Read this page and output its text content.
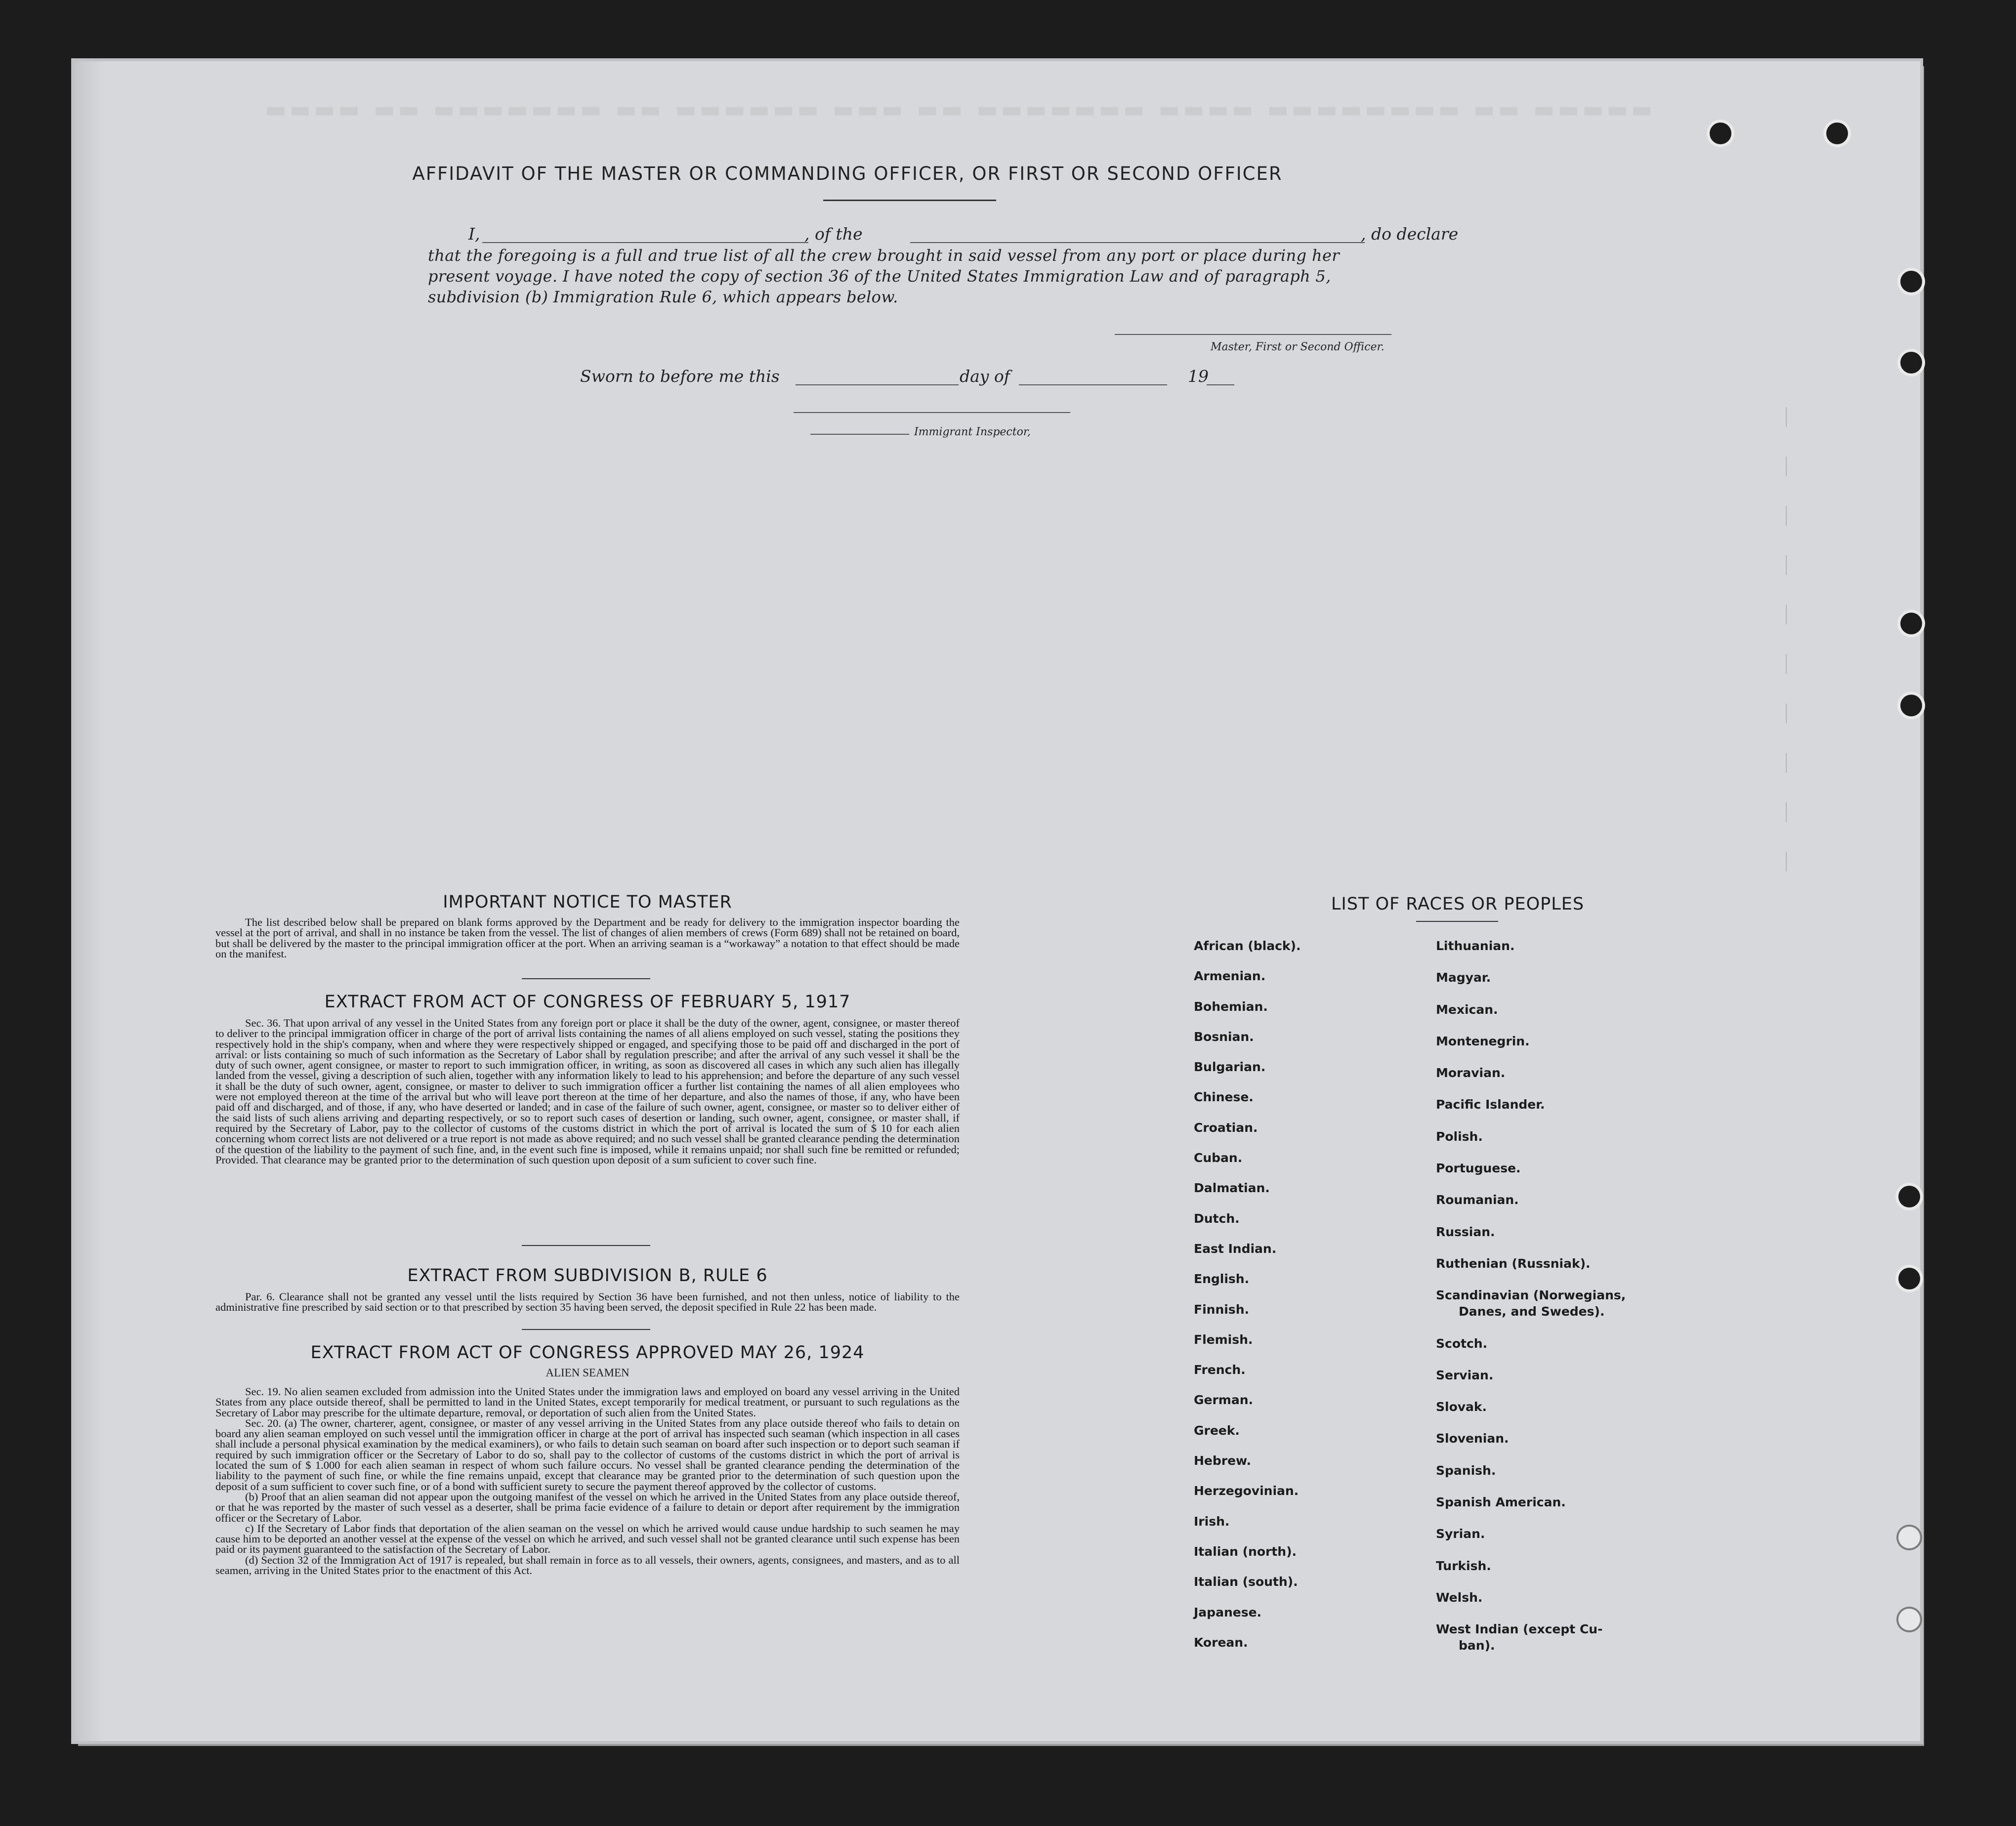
▬▬▬▬▬ ▬▬ ▬▬▬▬▬▬▬▬ ▬▬▬▬ ▬▬▬▬▬▬▬ ▬▬ ▬▬▬ ▬▬▬▬▬▬ ▬▬ ▬▬▬▬▬▬▬ ▬▬ ▬▬▬▬
AFFIDAVIT OF THE MASTER OR COMMANDING OFFICER, OR FIRST OR SECOND OFFICER
I,	, of the	, do declare
that the foregoing is a full and true list of all the crew brought in said vessel from any port or place during her
present voyage. I have noted the copy of section 36 of the United States Immigration Law and of paragraph 5,
subdivision (b) Immigration Rule 6, which appears below.
Master, First or Second Officer.
Sworn to before me this	day of	19
Immigrant Inspector,
IMPORTANT NOTICE TO MASTER

The list described below shall be prepared on blank forms approved by the Department and be ready for delivery to the immigration inspector boarding the vessel at the port of arrival, and shall in no instance be taken from the vessel. The list of changes of alien members of crews (Form 689) shall not be retained on board, but shall be delivered by the master to the principal immigration officer at the port. When an arriving seaman is a “workaway” a notation to that effect should be made on the manifest.

EXTRACT FROM ACT OF CONGRESS OF FEBRUARY 5, 1917

Sec. 36. That upon arrival of any vessel in the United States from any foreign port or place it shall be the duty of the owner, agent, consignee, or master thereof to deliver to the principal immigration officer in charge of the port of arrival lists containing the names of all aliens employed on such vessel, stating the positions they respectively hold in the ship's company, when and where they were respectively shipped or engaged, and specifying those to be paid off and discharged in the port of arrival: or lists containing so much of such information as the Secretary of Labor shall by regulation prescribe; and after the arrival of any such vessel it shall be the duty of such owner, agent consignee, or master to report to such immigration officer, in writing, as soon as discovered all cases in which any such alien has illegally landed from the vessel, giving a description of such alien, together with any information likely to lead to his apprehension; and before the departure of any such vessel it shall be the duty of such owner, agent, consignee, or master to deliver to such immigration officer a further list containing the names of all alien employees who were not employed thereon at the time of the arrival but who will leave port thereon at the time of her departure, and also the names of those, if any, who have been paid off and discharged, and of those, if any, who have deserted or landed; and in case of the failure of such owner, agent, consignee, or master so to deliver either of the said lists of such aliens arriving and departing respectively, or so to report such cases of desertion or landing, such owner, agent, consignee, or master shall, if required by the Secretary of Labor, pay to the collector of customs of the customs district in which the port of arrival is located the sum of $ 10 for each alien concerning whom correct lists are not delivered or a true report is not made as above required; and no such vessel shall be granted clearance pending the determination of the question of the liability to the payment of such fine, and, in the event such fine is imposed, while it remains unpaid; nor shall such fine be remitted or refunded; Provided. That clearance may be granted prior to the determination of such question upon deposit of a sum suficient to cover such fine.

EXTRACT FROM SUBDIVISION B, RULE 6

Par. 6. Clearance shall not be granted any vessel until the lists required by Section 36 have been furnished, and not then unless, notice of liability to the administrative fine prescribed by said section or to that prescribed by section 35 having been served, the deposit specified in Rule 22 has been made.

EXTRACT FROM ACT OF CONGRESS APPROVED MAY 26, 1924
ALIEN SEAMEN

Sec. 19. No alien seamen excluded from admission into the United States under the immigration laws and employed on board any vessel arriving in the United States from any place outside thereof, shall be permitted to land in the United States, except temporarily for medical treatment, or pursuant to such regulations as the Secretary of Labor may prescribe for the ultimate departure, removal, or deportation of such alien from the United States.

Sec. 20. (a) The owner, charterer, agent, consignee, or master of any vessel arriving in the United States from any place outside thereof who fails to detain on board any alien seaman employed on such vessel until the immigration officer in charge at the port of arrival has inspected such seaman (which inspection in all cases shall include a personal physical examination by the medical examiners), or who fails to detain such seaman on board after such inspection or to deport such seaman if required by such immigration officer or the Secretary of Labor to do so, shall pay to the collector of customs of the customs district in which the port of arrival is located the sum of $ 1.000 for each alien seaman in respect of whom such failure occurs. No vessel shall be granted clearance pending the determination of the liability to the payment of such fine, or while the fine remains unpaid, except that clearance may be granted prior to the determination of such question upon the deposit of a sum sufficient to cover such fine, or of a bond with sufficient surety to secure the payment thereof approved by the collector of customs.

(b) Proof that an alien seaman did not appear upon the outgoing manifest of the vessel on which he arrived in the United States from any place outside thereof, or that he was reported by the master of such vessel as a deserter, shall be prima facie evidence of a failure to detain or deport after requirement by the immigration officer or the Secretary of Labor.

c) If the Secretary of Labor finds that deportation of the alien seaman on the vessel on which he arrived would cause undue hardship to such seamen he may cause him to be deported an another vessel at the expense of the vessel on which he arrived, and such vessel shall not be granted clearance until such expense has been paid or its payment guaranteed to the satisfaction of the Secretary of Labor.

(d) Section 32 of the Immigration Act of 1917 is repealed, but shall remain in force as to all vessels, their owners, agents, consignees, and masters, and as to all seamen, arriving in the United States prior to the enactment of this Act.

LIST OF RACES OR PEOPLES
African (black).
Armenian.
Bohemian.
Bosnian.
Bulgarian.
Chinese.
Croatian.
Cuban.
Dalmatian.
Dutch.
East Indian.
English.
Finnish.
Flemish.
French.
German.
Greek.
Hebrew.
Herzegovinian.
Irish.
Italian (north).
Italian (south).
Japanese.
Korean.
Lithuanian.
Magyar.
Mexican.
Montenegrin.
Moravian.
Pacific Islander.
Polish.
Portuguese.
Roumanian.
Russian.
Ruthenian (Russniak).
Scandinavian (Norwegians,
Danes, and Swedes).
Scotch.
Servian.
Slovak.
Slovenian.
Spanish.
Spanish American.
Syrian.
Turkish.
Welsh.
West Indian (except Cu-
ban).
